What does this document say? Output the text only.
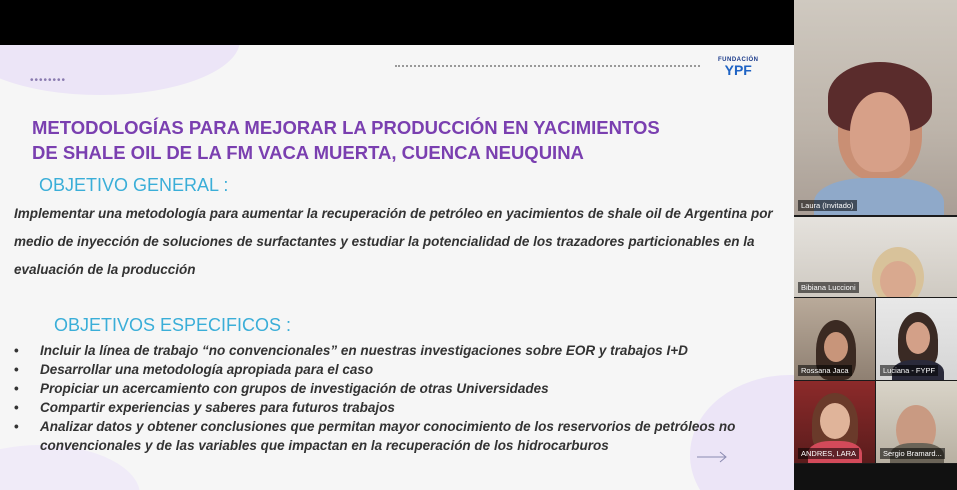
••••••••
FUNDACIÓN
YPF
METODOLOGÍAS PARA MEJORAR LA PRODUCCIÓN EN YACIMIENTOS
DE SHALE OIL DE LA FM VACA MUERTA, CUENCA NEUQUINA
OBJETIVO GENERAL :
Implementar una metodología para aumentar la recuperación de petróleo en yacimientos de shale oil de Argentina por medio de inyección de soluciones de surfactantes y estudiar la potencialidad de los trazadores particionables en la evaluación de la producción
OBJETIVOS ESPECIFICOS :
• Incluir la línea de trabajo “no convencionales” en nuestras investigaciones sobre EOR y trabajos I+D
• Desarrollar una metodología apropiada para el caso
• Propiciar un acercamiento con grupos de investigación de otras Universidades
• Compartir experiencias y saberes para futuros trabajos
• Analizar datos y obtener conclusiones que permitan mayor conocimiento de los reservorios de petróleos no convencionales y de las variables que impactan en la recuperación de los hidrocarburos
Laura (Invitado)
Bibiana Luccioni
Rossana Jaca	Luciana - FYPF
ANDRES, LARA	Sergio Bramard...
